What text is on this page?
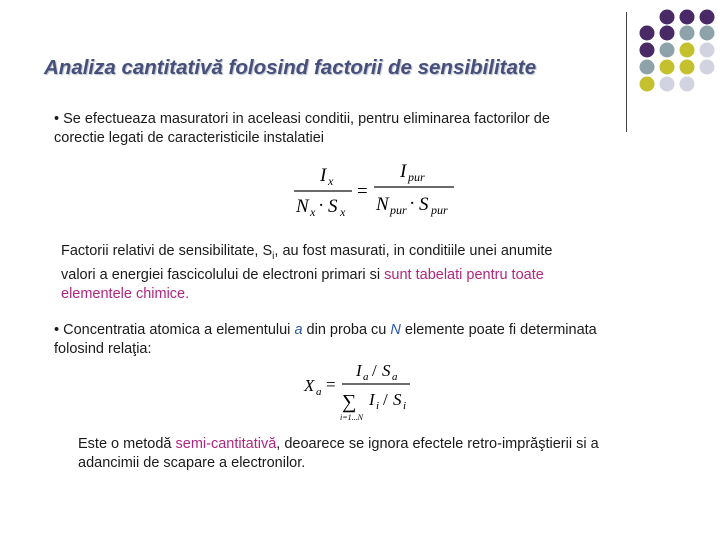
Analiza cantitativă folosind factorii de sensibilitate
• Se efectueaza masuratori in aceleasi conditii, pentru eliminarea factorilor de
corectie legati de caracteristicile instalatiei
I x
N x · S x
=
I pur
N pur · S pur
Factorii relativi de sensibilitate, $S_i$, au fost masurati, in conditiile unei anumite
valori a energiei fascicolului de electroni primari si sunt tabelati pentru toate
elementele chimice.
• Concentratia atomica a elementului a din proba cu N elemente poate fi determinata
folosind relaţia:
X a =
I a / S a
∑
i=1...N
I i / S i
Este o metodă semi-cantitativă, deoarece se ignora efectele retro-imprăştierii si a
adancimii de scapare a electronilor.
